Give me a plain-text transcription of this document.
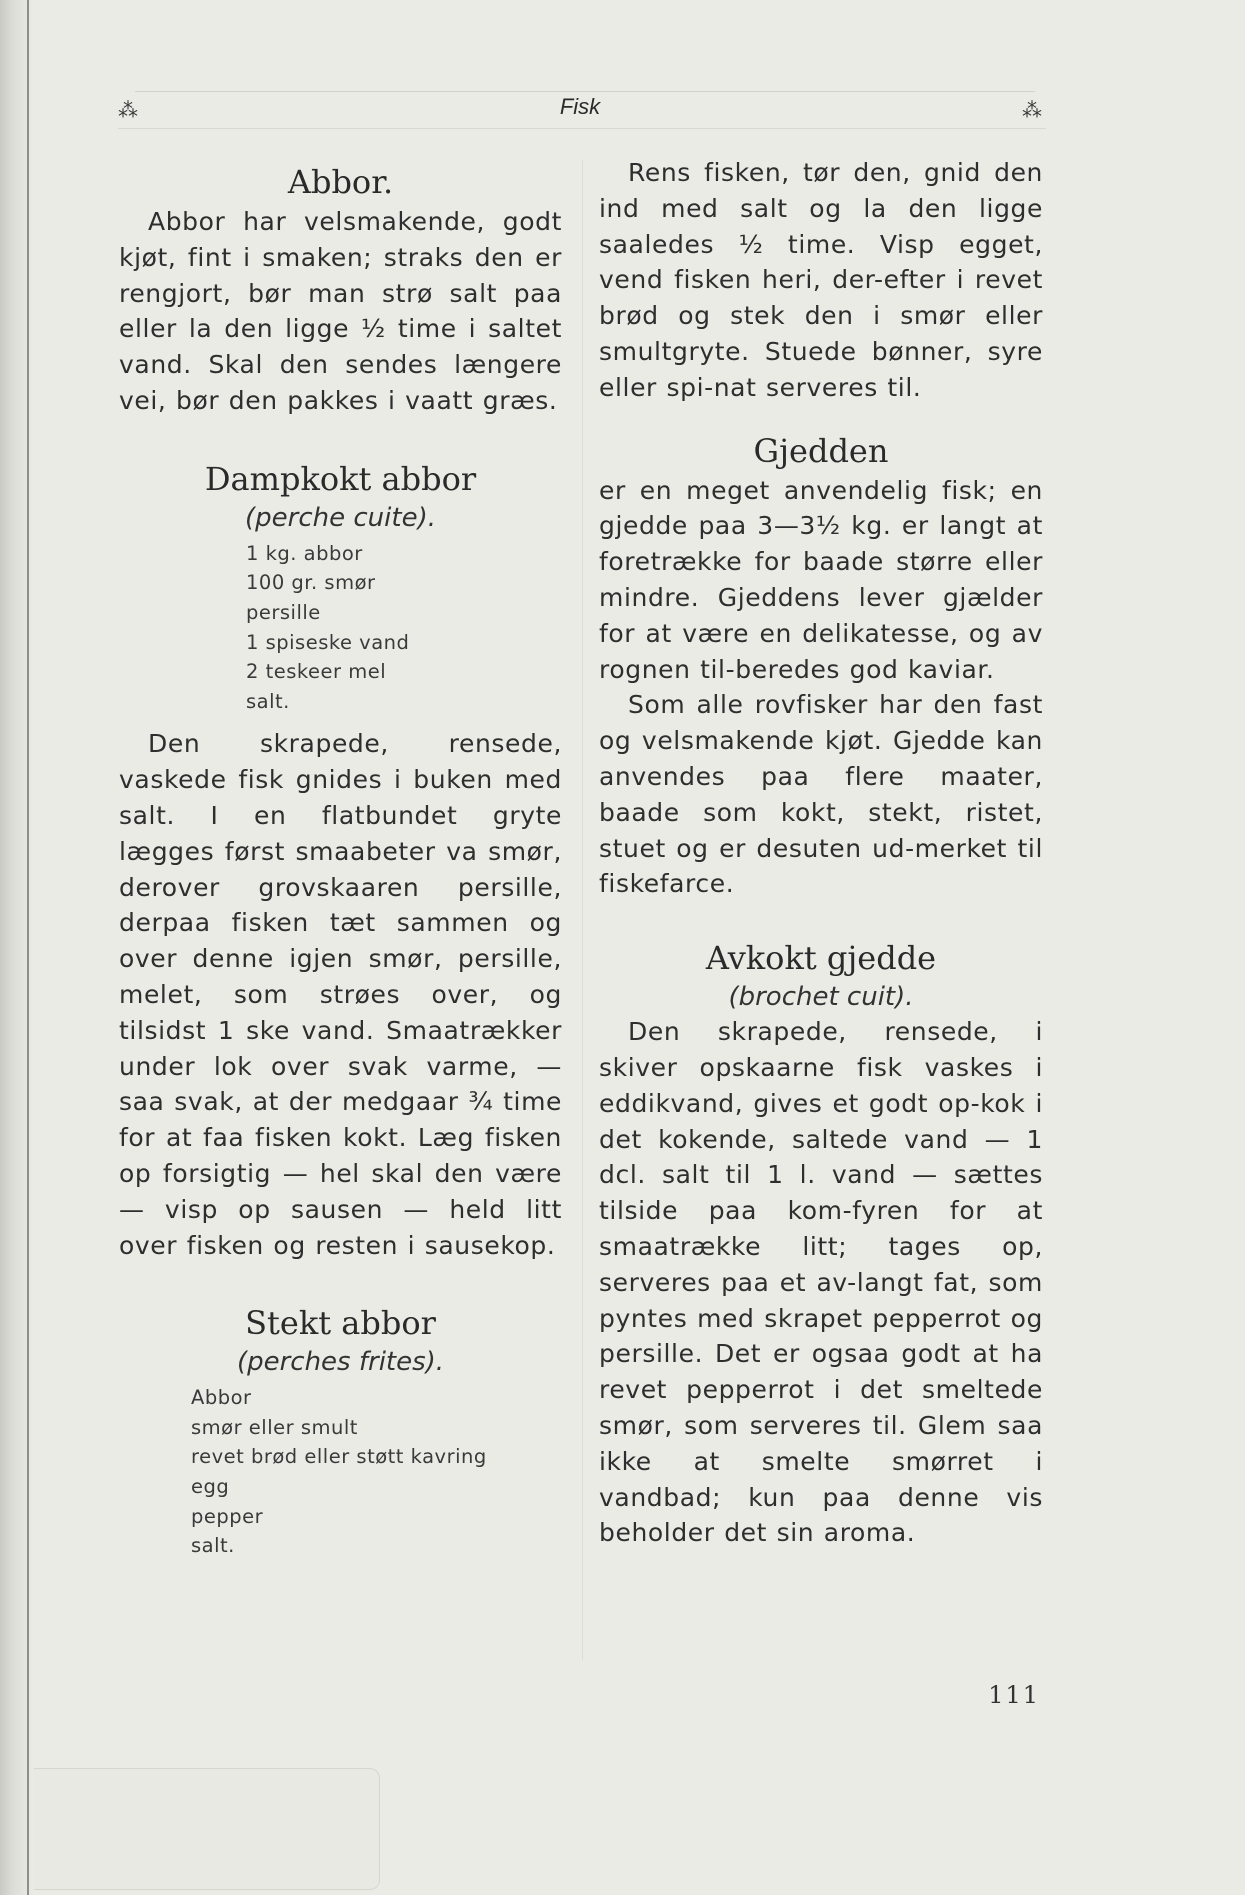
⁂	Fisk	⁂
Abbor.

Abbor har velsmakende, godt kjøt, fint i smaken; straks den er rengjort, bør man strø salt paa eller la den ligge ½ time i saltet vand. Skal den sendes længere vei, bør den pakkes i vaatt græs.

Dampkokt abbor

(perche cuite).

1 kg. abbor
100 gr. smør
persille
1 spiseske vand
2 teskeer mel
salt.

Den skrapede, rensede, vaskede fisk gnides i buken med salt. I en flatbundet gryte lægges først smaabeter va smør, derover grovskaaren persille, derpaa fisken tæt sammen og over denne igjen smør, persille, melet, som strøes over, og tilsidst 1 ske vand. Smaatrækker under lok over svak varme, — saa svak, at der medgaar ¾ time for at faa fisken kokt. Læg fisken op forsigtig — hel skal den være — visp op sausen — held litt over fisken og resten i sausekop.

Stekt abbor

(perches frites).

Abbor
smør eller smult
revet brød eller støtt kavring
egg
pepper
salt.

Rens fisken, tør den, gnid den ind med salt og la den ligge saaledes ½ time. Visp egget, vend fisken heri, der-efter i revet brød og stek den i smør eller smultgryte. Stuede bønner, syre eller spi-nat serveres til.

Gjedden

er en meget anvendelig fisk; en gjedde paa 3—3½ kg. er langt at foretrække for baade større eller mindre. Gjeddens lever gjælder for at være en delikatesse, og av rognen til-beredes god kaviar.

Som alle rovfisker har den fast og velsmakende kjøt. Gjedde kan anvendes paa flere maater, baade som kokt, stekt, ristet, stuet og er desuten ud-merket til fiskefarce.

Avkokt gjedde

(brochet cuit).

Den skrapede, rensede, i skiver opskaarne fisk vaskes i eddikvand, gives et godt op-kok i det kokende, saltede vand — 1 dcl. salt til 1 l. vand — sættes tilside paa kom-fyren for at smaatrække litt; tages op, serveres paa et av-langt fat, som pyntes med skrapet pepperrot og persille. Det er ogsaa godt at ha revet pepperrot i det smeltede smør, som serveres til. Glem saa ikke at smelte smørret i vandbad; kun paa denne vis beholder det sin aroma.

111
